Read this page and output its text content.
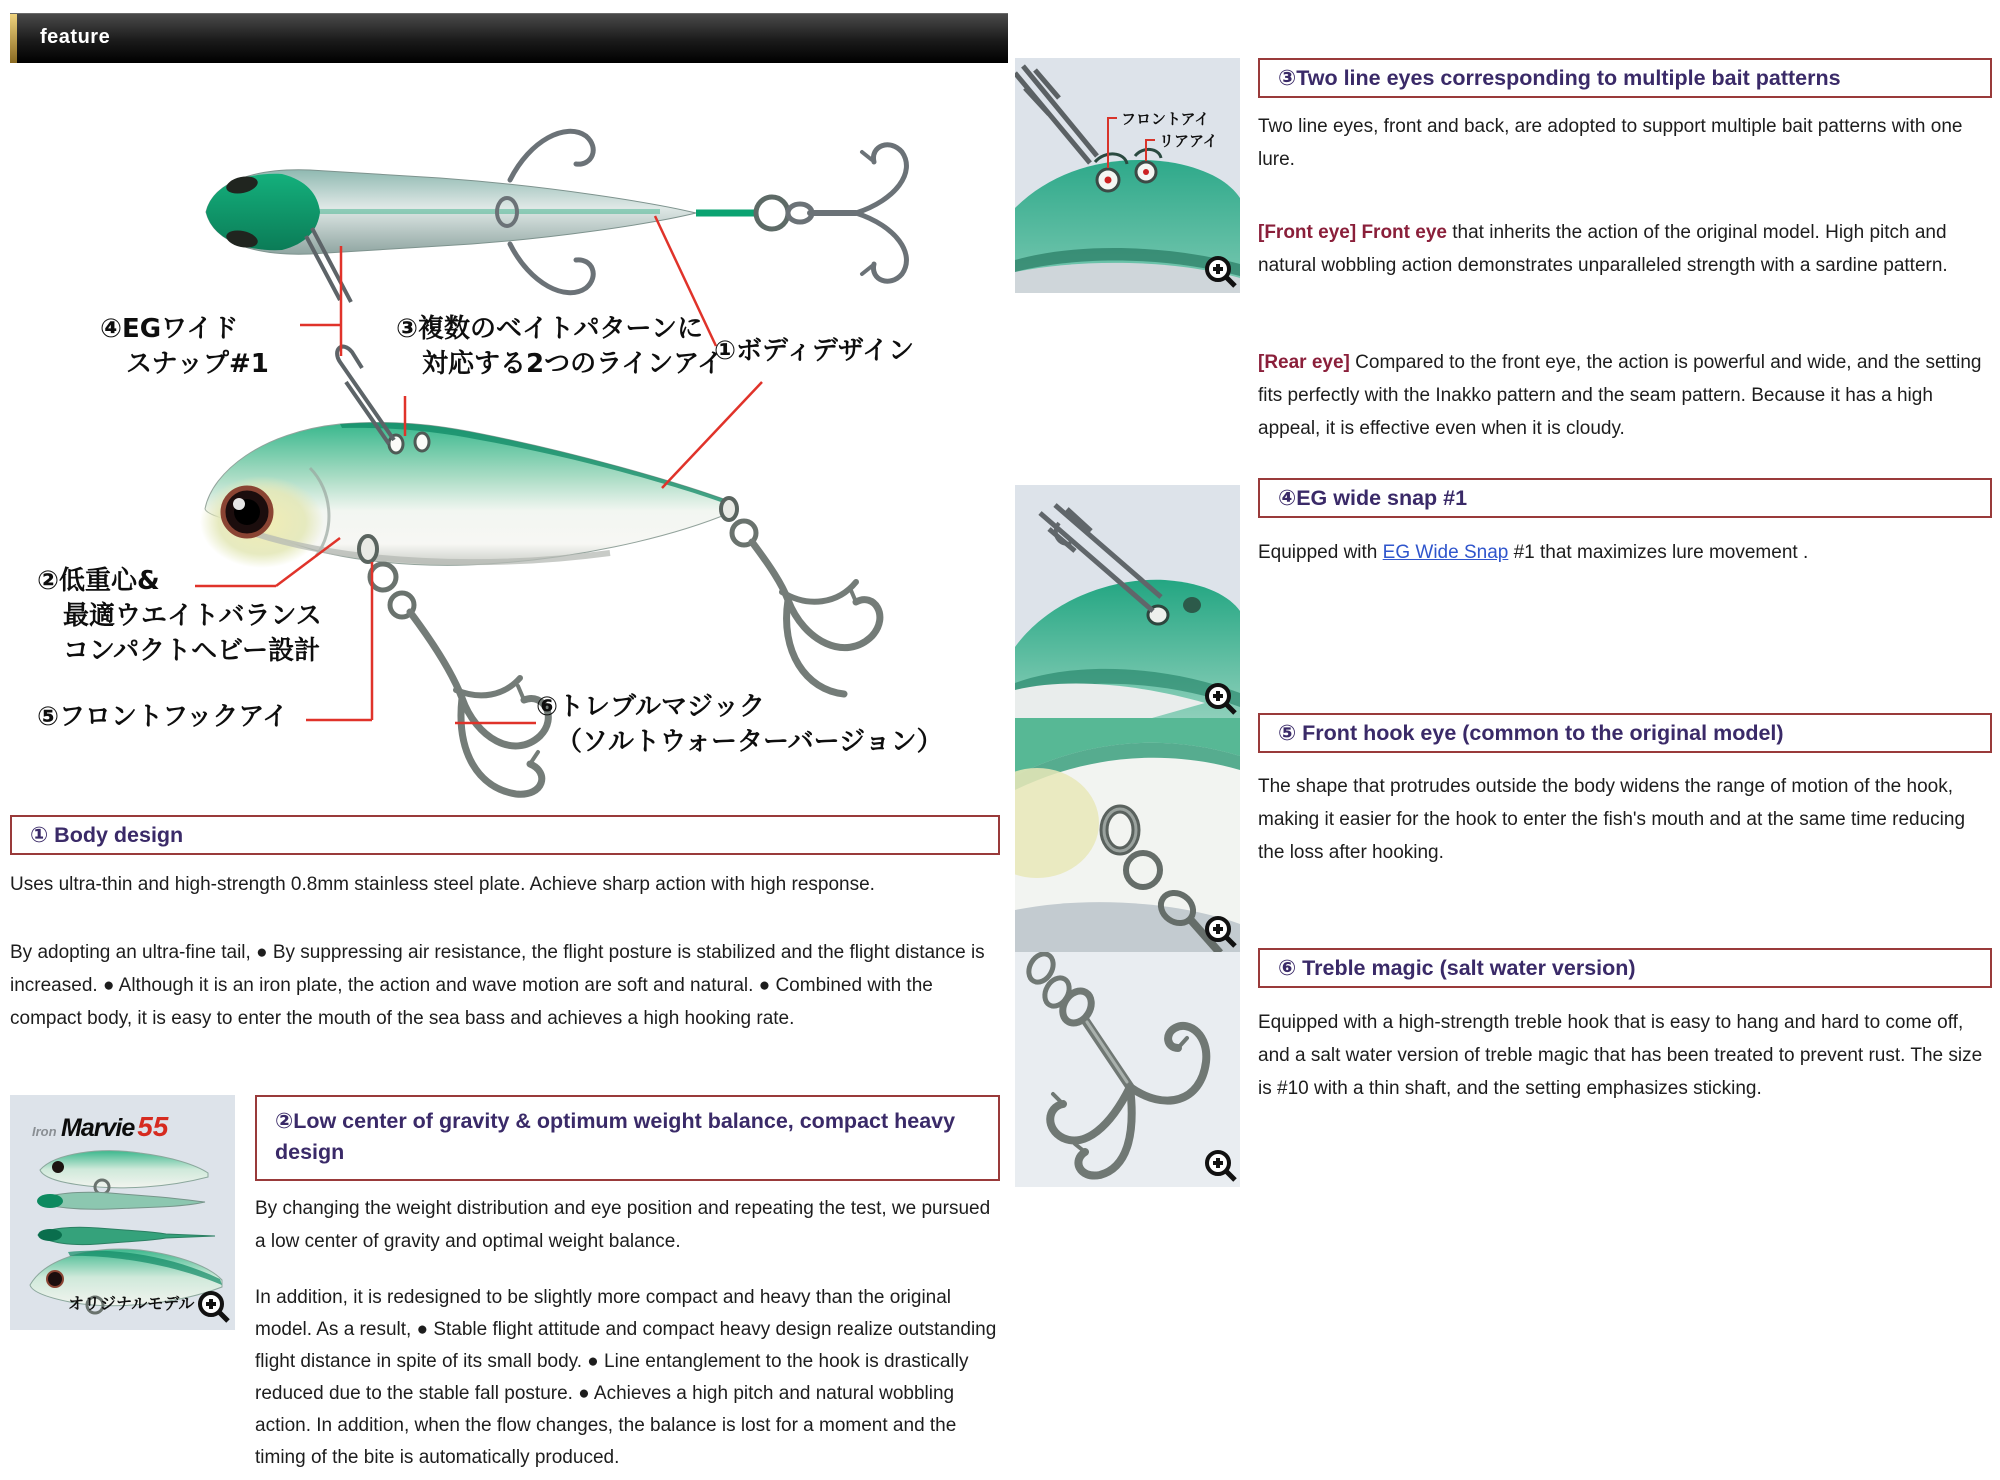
feature
④EGワイド
スナップ#1
③複数のベイトパターンに
対応する2つのラインアイ
①ボディデザイン
②低重心&
最適ウエイトバランス
コンパクトヘビー設計
⑤フロントフックアイ	⑥トレブルマジック
（ソルトウォーターバージョン）
① Body design
Uses ultra-thin and high-strength 0.8mm stainless steel plate. Achieve sharp action with high response.
By adopting an ultra-fine tail, ● By suppressing air resistance, the flight posture is stabilized and the flight distance is increased. ● Although it is an iron plate, the action and wave motion are soft and natural. ● Combined with the compact body, it is easy to enter the mouth of the sea bass and achieves a high hooking rate.
Iron Marvie 55
オリジナルモデル
②Low center of gravity & optimum weight balance, compact heavy design
By changing the weight distribution and eye position and repeating the test, we pursued a low center of gravity and optimal weight balance.
In addition, it is redesigned to be slightly more compact and heavy than the original model. As a result, ● Stable flight attitude and compact heavy design realize outstanding flight distance in spite of its small body. ● Line entanglement to the hook is drastically reduced due to the stable fall posture. ● Achieves a high pitch and natural wobbling action. In addition, when the flow changes, the balance is lost for a moment and the timing of the bite is automatically produced.
フロントアイ
リアアイ
③Two line eyes corresponding to multiple bait patterns
Two line eyes, front and back, are adopted to support multiple bait patterns with one lure.
[Front eye] Front eye that inherits the action of the original model. High pitch and natural wobbling action demonstrates unparalleled strength with a sardine pattern.
[Rear eye] Compared to the front eye, the action is powerful and wide, and the setting fits perfectly with the Inakko pattern and the seam pattern. Because it has a high appeal, it is effective even when it is cloudy.
④EG wide snap #1
Equipped with EG Wide Snap #1 that maximizes lure movement .
⑤ Front hook eye (common to the original model)
The shape that protrudes outside the body widens the range of motion of the hook, making it easier for the hook to enter the fish's mouth and at the same time reducing the loss after hooking.
⑥ Treble magic (salt water version)
Equipped with a high-strength treble hook that is easy to hang and hard to come off, and a salt water version of treble magic that has been treated to prevent rust. The size is #10 with a thin shaft, and the setting emphasizes sticking.
